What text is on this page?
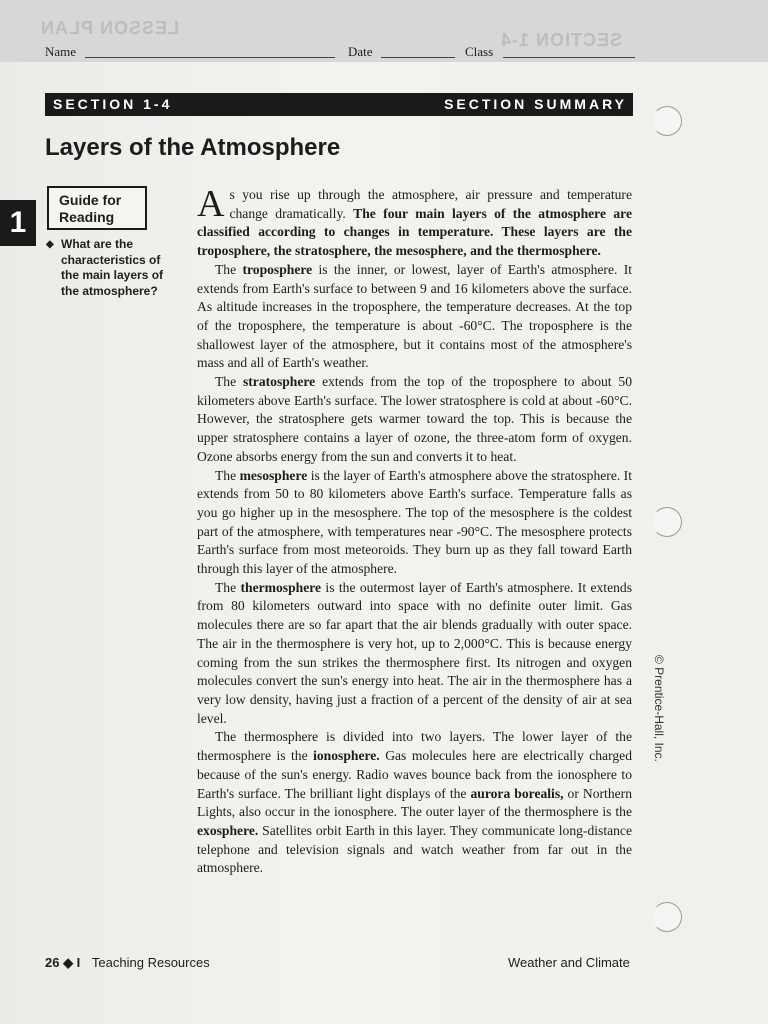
LESSON PLAN
SECTION 1-4
Name	Date	Class
SECTION 1-4	SECTION SUMMARY
Layers of the Atmosphere
1
Guide for
Reading
◆ What are the characteristics of the main layers of the atmosphere?

As you rise up through the atmosphere, air pressure and temperature change dramatically. The four main layers of the atmosphere are classified according to changes in temperature. These layers are the troposphere, the stratosphere, the mesosphere, and the thermosphere.

The troposphere is the inner, or lowest, layer of Earth's atmosphere. It extends from Earth's surface to between 9 and 16 kilometers above the surface. As altitude increases in the troposphere, the temperature decreases. At the top of the troposphere, the temperature is about -60°C. The troposphere is the shallowest layer of the atmosphere, but it contains most of the atmosphere's mass and all of Earth's weather.

The stratosphere extends from the top of the troposphere to about 50 kilometers above Earth's surface. The lower stratosphere is cold at about -60°C. However, the stratosphere gets warmer toward the top. This is because the upper stratosphere contains a layer of ozone, the three-atom form of oxygen. Ozone absorbs energy from the sun and converts it to heat.

The mesosphere is the layer of Earth's atmosphere above the stratosphere. It extends from 50 to 80 kilometers above Earth's surface. Temperature falls as you go higher up in the mesosphere. The top of the mesosphere is the coldest part of the atmosphere, with temperatures near -90°C. The mesosphere protects Earth's surface from most meteoroids. They burn up as they fall toward Earth through this layer of the atmosphere.

The thermosphere is the outermost layer of Earth's atmosphere. It extends from 80 kilometers outward into space with no definite outer limit. Gas molecules there are so far apart that the air blends gradually with outer space. The air in the thermosphere is very hot, up to 2,000°C. This is because energy coming from the sun strikes the thermosphere first. Its nitrogen and oxygen molecules convert the sun's energy into heat. The air in the thermosphere has a very low density, having just a fraction of a percent of the density of air at sea level.

The thermosphere is divided into two layers. The lower layer of the thermosphere is the ionosphere. Gas molecules here are electrically charged because of the sun's energy. Radio waves bounce back from the ionosphere to Earth's surface. The brilliant light displays of the aurora borealis, or Northern Lights, also occur in the ionosphere. The outer layer of the thermosphere is the exosphere. Satellites orbit Earth in this layer. They communicate long-distance telephone and television signals and watch weather from far out in the atmosphere.

© Prentice-Hall, Inc.
26 ◆ I Teaching Resources	Weather and Climate
